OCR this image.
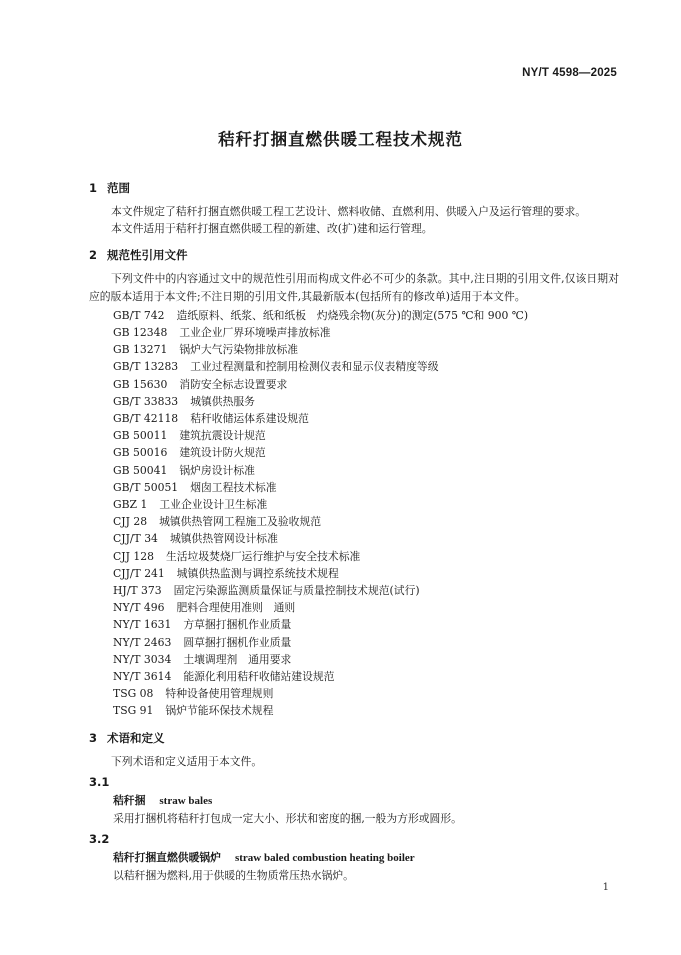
NY/T 4598—2025
秸秆打捆直燃供暖工程技术规范
1 范围

本文件规定了秸秆打捆直燃供暖工程工艺设计、燃料收储、直燃利用、供暖入户及运行管理的要求。

本文件适用于秸秆打捆直燃供暖工程的新建、改(扩)建和运行管理。

2 规范性引用文件

下列文件中的内容通过文中的规范性引用而构成文件必不可少的条款。其中,注日期的引用文件,仅该日期对应的版本适用于本文件;不注日期的引用文件,其最新版本(包括所有的修改单)适用于本文件。

GB/T 742 造纸原料、纸浆、纸和纸板　灼烧残余物(灰分)的测定(575 ℃和 900 ℃)
GB 12348 工业企业厂界环境噪声排放标准
GB 13271 锅炉大气污染物排放标准
GB/T 13283 工业过程测量和控制用检测仪表和显示仪表精度等级
GB 15630 消防安全标志设置要求
GB/T 33833 城镇供热服务
GB/T 42118 秸秆收储运体系建设规范
GB 50011 建筑抗震设计规范
GB 50016 建筑设计防火规范
GB 50041 锅炉房设计标准
GB/T 50051 烟囱工程技术标准
GBZ 1 工业企业设计卫生标准
CJJ 28 城镇供热管网工程施工及验收规范
CJJ/T 34 城镇供热管网设计标准
CJJ 128 生活垃圾焚烧厂运行维护与安全技术标准
CJJ/T 241 城镇供热监测与调控系统技术规程
HJ/T 373 固定污染源监测质量保证与质量控制技术规范(试行)
NY/T 496 肥料合理使用准则　通则
NY/T 1631 方草捆打捆机作业质量
NY/T 2463 圆草捆打捆机作业质量
NY/T 3034 土壤调理剂　通用要求
NY/T 3614 能源化利用秸秆收储站建设规范
TSG 08 特种设备使用管理规则
TSG 91 锅炉节能环保技术规程
3 术语和定义

下列术语和定义适用于本文件。

3.1
秸秆捆 straw bales
采用打捆机将秸秆打包成一定大小、形状和密度的捆,一般为方形或圆形。
3.2
秸秆打捆直燃供暖锅炉 straw baled combustion heating boiler
以秸秆捆为燃料,用于供暖的生物质常压热水锅炉。
1
